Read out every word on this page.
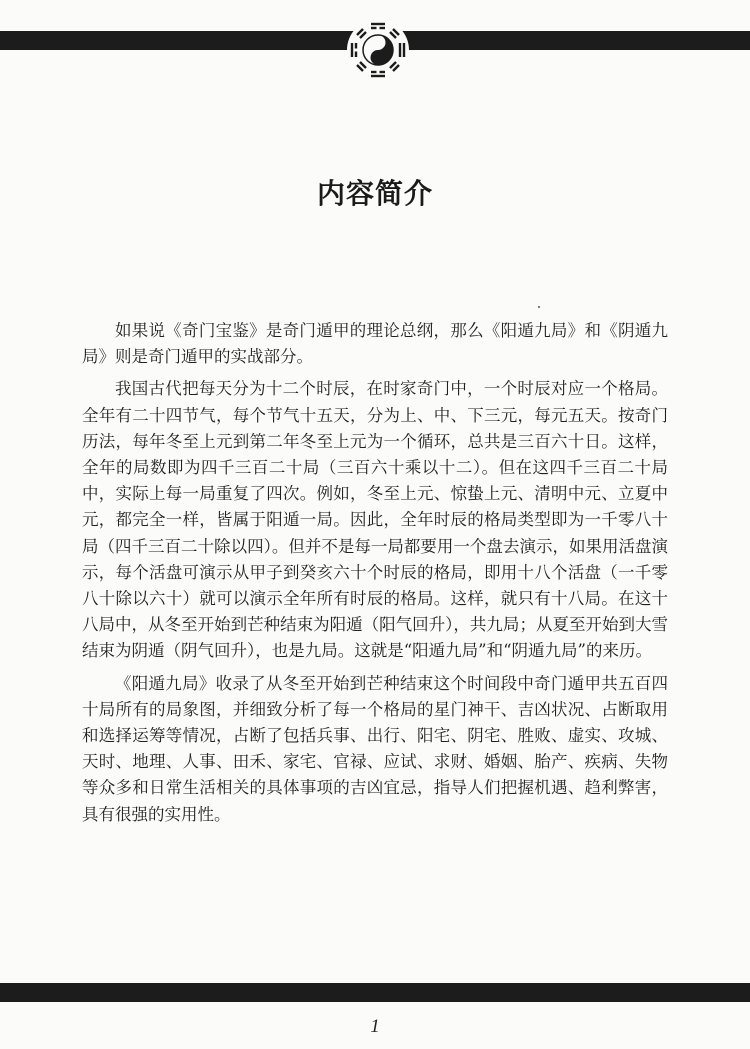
内容简介

如果说《奇门宝鉴》是奇门遁甲的理论总纲，那么《阳遁九局》和《阴遁九局》则是奇门遁甲的实战部分。

我国古代把每天分为十二个时辰，在时家奇门中，一个时辰对应一个格局。全年有二十四节气，每个节气十五天，分为上、中、下三元，每元五天。按奇门历法，每年冬至上元到第二年冬至上元为一个循环，总共是三百六十日。这样，全年的局数即为四千三百二十局（三百六十乘以十二）。但在这四千三百二十局中，实际上每一局重复了四次。例如，冬至上元、惊蛰上元、清明中元、立夏中元，都完全一样，皆属于阳遁一局。因此，全年时辰的格局类型即为一千零八十局（四千三百二十除以四）。但并不是每一局都要用一个盘去演示，如果用活盘演示，每个活盘可演示从甲子到癸亥六十个时辰的格局，即用十八个活盘（一千零八十除以六十）就可以演示全年所有时辰的格局。这样，就只有十八局。在这十八局中，从冬至开始到芒种结束为阳遁（阳气回升），共九局；从夏至开始到大雪结束为阴遁（阴气回升），也是九局。这就是“阳遁九局”和“阴遁九局”的来历。

《阳遁九局》收录了从冬至开始到芒种结束这个时间段中奇门遁甲共五百四十局所有的局象图，并细致分析了每一个格局的星门神干、吉凶状况、占断取用和选择运筹等情况，占断了包括兵事、出行、阳宅、阴宅、胜败、虚实、攻城、天时、地理、人事、田禾、家宅、官禄、应试、求财、婚姻、胎产、疾病、失物等众多和日常生活相关的具体事项的吉凶宜忌，指导人们把握机遇、趋利弊害，具有很强的实用性。

1
